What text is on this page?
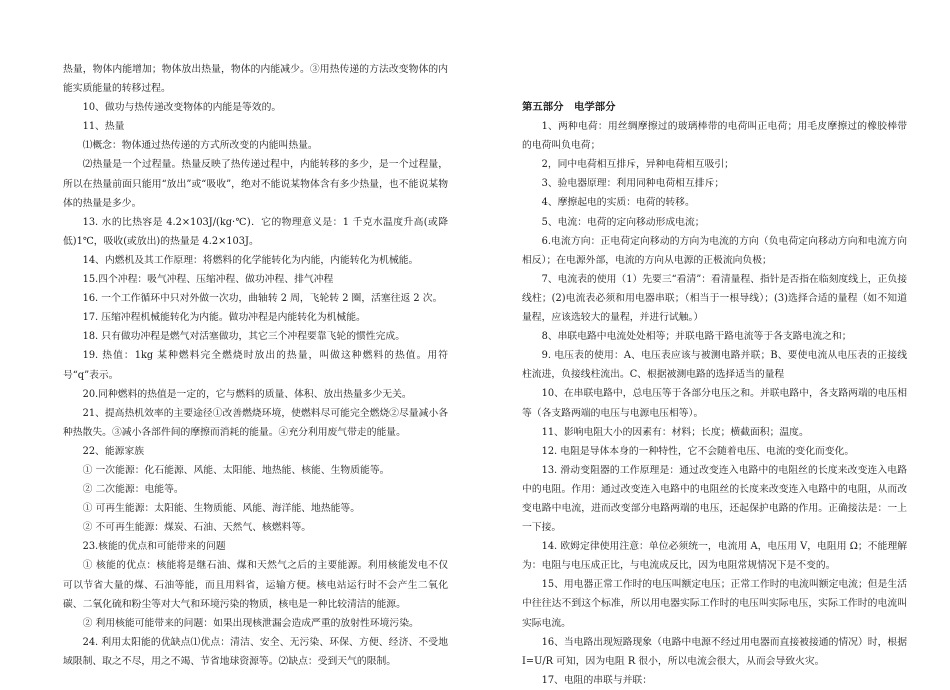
热量，物体内能增加；物体放出热量，物体的内能减少。③用热传递的方法改变物体的内能实质能量的转移过程。

10、做功与热传递改变物体的内能是等效的。

11、热量

⑴概念：物体通过热传递的方式所改变的内能叫热量。

⑵热量是一个过程量。热量反映了热传递过程中，内能转移的多少，是一个过程量，所以在热量前面只能用“放出”或“吸收”，绝对不能说某物体含有多少热量，也不能说某物体的热量是多少。

13. 水的比热容是 4.2×103J/(kg·℃)．它的物理意义是：1 千克水温度升高(或降低)1℃，吸收(或放出)的热量是 4.2×103J。

14、内燃机及其工作原理：将燃料的化学能转化为内能，内能转化为机械能。

15.四个冲程：吸气冲程、压缩冲程、做功冲程、排气冲程

16. 一个工作循环中只对外做一次功，曲轴转 2 周，飞轮转 2 圈，活塞往返 2 次。

17. 压缩冲程机械能转化为内能。做功冲程是内能转化为机械能。

18. 只有做功冲程是燃气对活塞做功，其它三个冲程要靠飞轮的惯性完成。

19. 热值：1kg 某种燃料完全燃烧时放出的热量，叫做这种燃料的热值。用符号“q”表示。

20.同种燃料的热值是一定的，它与燃料的质量、体积、放出热量多少无关。

21、提高热机效率的主要途径①改善燃烧环境，使燃料尽可能完全燃烧②尽量减小各种热散失。③减小各部件间的摩擦而消耗的能量。④充分利用废气带走的能量。

22、能源家族

① 一次能源：化石能源、风能、太阳能、地热能、核能、生物质能等。

② 二次能源：电能等。

① 可再生能源：太阳能、生物质能、风能、海洋能、地热能等。

② 不可再生能源：煤炭、石油、天然气、核燃料等。

23.核能的优点和可能带来的问题

① 核能的优点：核能将是继石油、煤和天然气之后的主要能源。利用核能发电不仅可以节省大量的煤、石油等能，而且用料省，运输方便。核电站运行时不会产生二氧化碳、二氧化硫和粉尘等对大气和环境污染的物质，核电是一种比较清洁的能源。

② 利用核能可能带来的问题：如果出现核泄漏会造成严重的放射性环境污染。

24. 利用太阳能的优缺点⑴优点：清洁、安全、无污染、环保、方便、经济、不受地域限制、取之不尽，用之不竭、节省地球资源等。⑵缺点：受到天气的限制。

第五部分　电学部分

1、两种电荷：用丝绸摩擦过的玻璃棒带的电荷叫正电荷；用毛皮摩擦过的橡胶棒带的电荷叫负电荷；

2，同中电荷相互排斥，异种电荷相互吸引；

3、验电器原理：利用同种电荷相互排斥；

4、摩擦起电的实质：电荷的转移。

5、电流：电荷的定向移动形成电流；

6.电流方向：正电荷定向移动的方向为电流的方向（负电荷定向移动方向和电流方向相反）；在电源外部，电流的方向从电源的正极流向负极；

7、电流表的使用（1）先要三“看清”：看清量程、指针是否指在临刻度线上，正负接线柱；(2)电流表必须和用电器串联；（相当于一根导线）；(3)选择合适的量程（如不知道量程，应该选较大的量程，并进行试触。）

8、串联电路中电流处处相等；并联电路干路电流等于各支路电流之和；

9. 电压表的使用：A、电压表应该与被测电路并联；B、要使电流从电压表的正接线柱流进，负接线柱流出。C、根据被测电路的选择适当的量程

10、在串联电路中，总电压等于各部分电压之和。并联电路中，各支路两端的电压相等（各支路两端的电压与电源电压相等）。

11、影响电阻大小的因素有：材料；长度；横截面积；温度。

12. 电阻是导体本身的一种特性，它不会随着电压、电流的变化而变化。

13. 滑动变阻器的工作原理是：通过改变连入电路中的电阻丝的长度来改变连入电路中的电阻。作用：通过改变连入电路中的电阻丝的长度来改变连入电路中的电阻，从而改变电路中电流，进而改变部分电路两端的电压，还起保护电路的作用。正确接法是：一上一下接。

14. 欧姆定律使用注意：单位必须统一，电流用 A，电压用 V，电阻用 Ω；不能理解为：电阻与电压成正比，与电流成反比，因为电阻常规情况下是不变的。

15、用电器正常工作时的电压叫额定电压；正常工作时的电流叫额定电流；但是生活中往往达不到这个标准，所以用电器实际工作时的电压叫实际电压，实际工作时的电流叫实际电流。

16、当电路出现短路现象（电路中电源不经过用电器而直接被接通的情况）时，根据 I=U/R 可知，因为电阻 R 很小，所以电流会很大，从而会导致火灾。

17、电阻的串联与并联：
